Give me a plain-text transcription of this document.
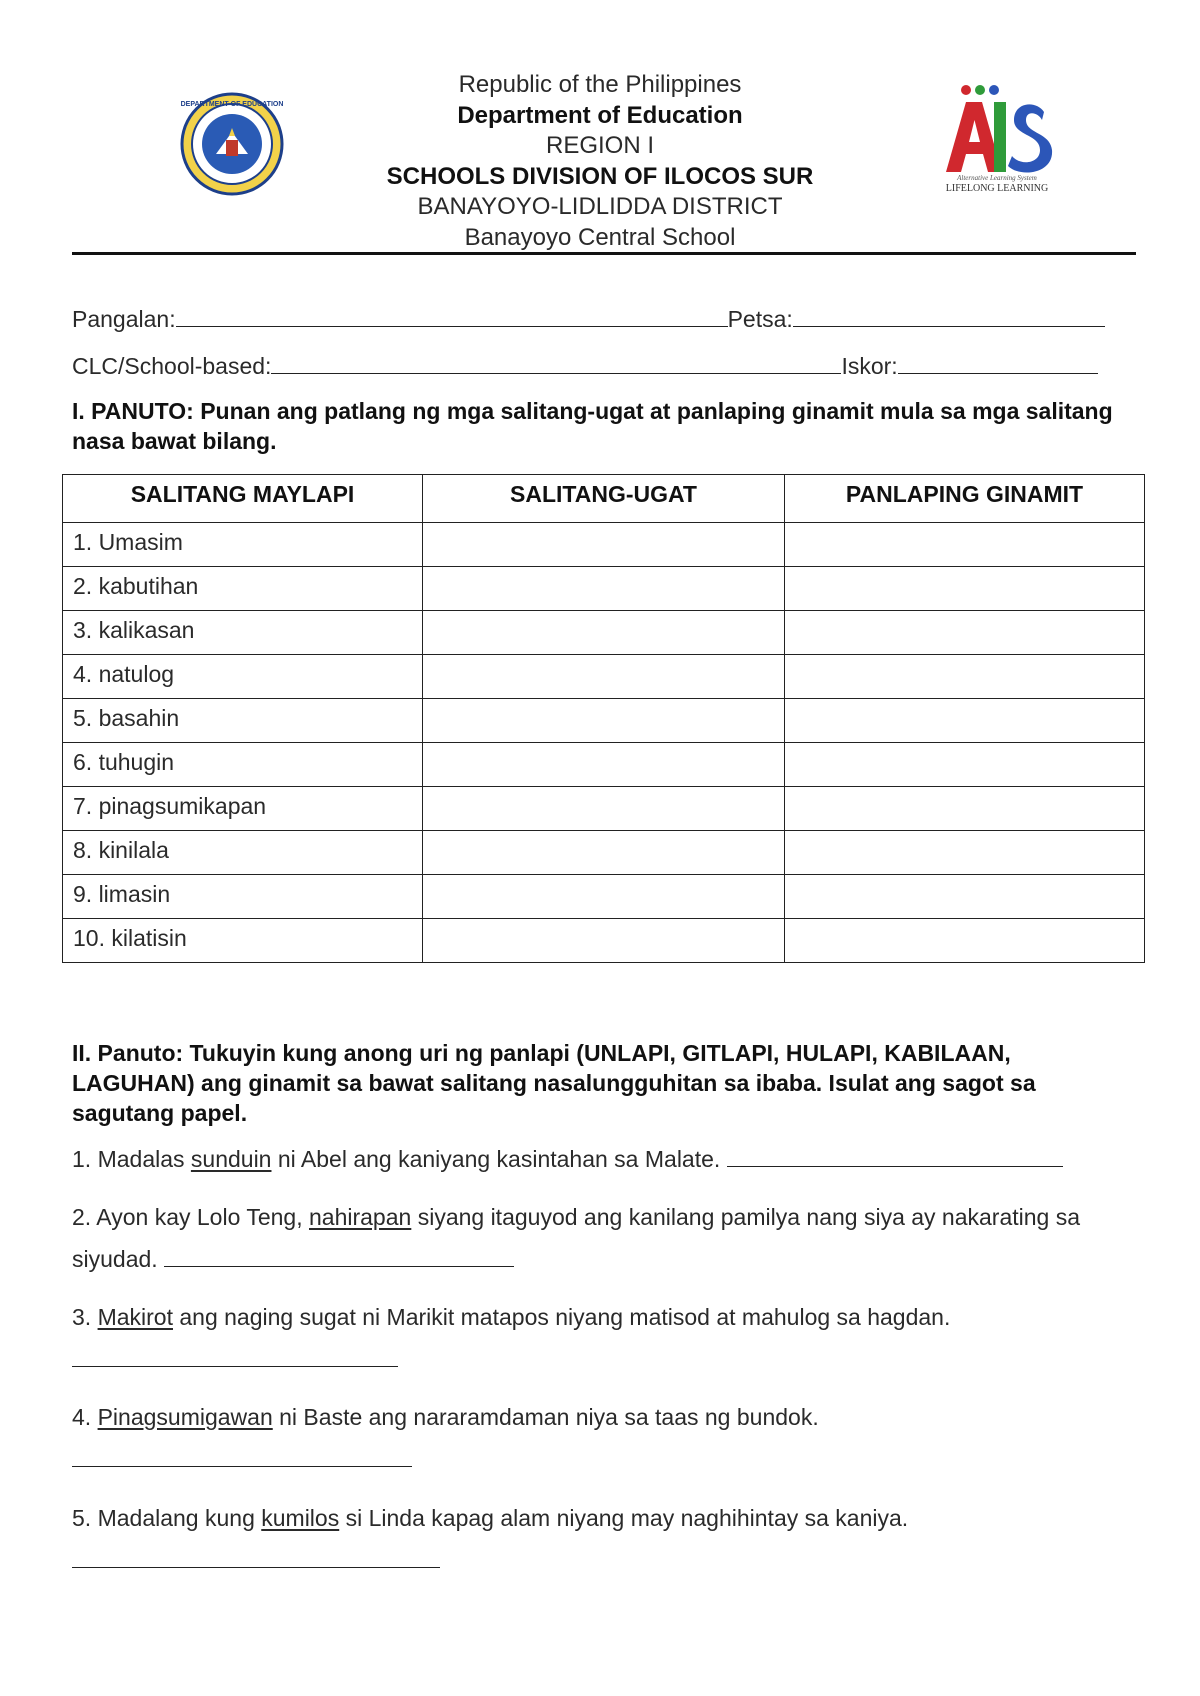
DEPARTMENT OF EDUCATION
Alternative Learning System
LIFELONG LEARNING
Republic of the Philippines
Department of Education
REGION I
SCHOOLS DIVISION OF ILOCOS SUR
BANAYOYO-LIDLIDDA DISTRICT
Banayoyo Central School
Pangalan:	Petsa:
CLC/School-based:	Iskor:
I. PANUTO: Punan ang patlang ng mga salitang-ugat at panlaping ginamit mula sa mga salitang nasa bawat bilang.
SALITANG MAYLAPI	SALITANG-UGAT	PANLAPING GINAMIT
1. Umasim		
2. kabutihan		
3. kalikasan		
4. natulog		
5. basahin		
6. tuhugin		
7. pinagsumikapan		
8. kinilala		
9. limasin		
10. kilatisin		
II. Panuto: Tukuyin kung anong uri ng panlapi (UNLAPI, GITLAPI, HULAPI, KABILAAN, LAGUHAN) ang ginamit sa bawat salitang nasalungguhitan sa ibaba. Isulat ang sagot sa sagutang papel.
1. Madalas sunduin ni Abel ang kaniyang kasintahan sa Malate.
2. Ayon kay Lolo Teng, nahirapan siyang itaguyod ang kanilang pamilya nang siya ay nakarating sa siyudad.
3. Makirot ang naging sugat ni Marikit matapos niyang matisod at mahulog sa hagdan.

4. Pinagsumigawan ni Baste ang nararamdaman niya sa taas ng bundok.

5. Madalang kung kumilos si Linda kapag alam niyang may naghihintay sa kaniya.
